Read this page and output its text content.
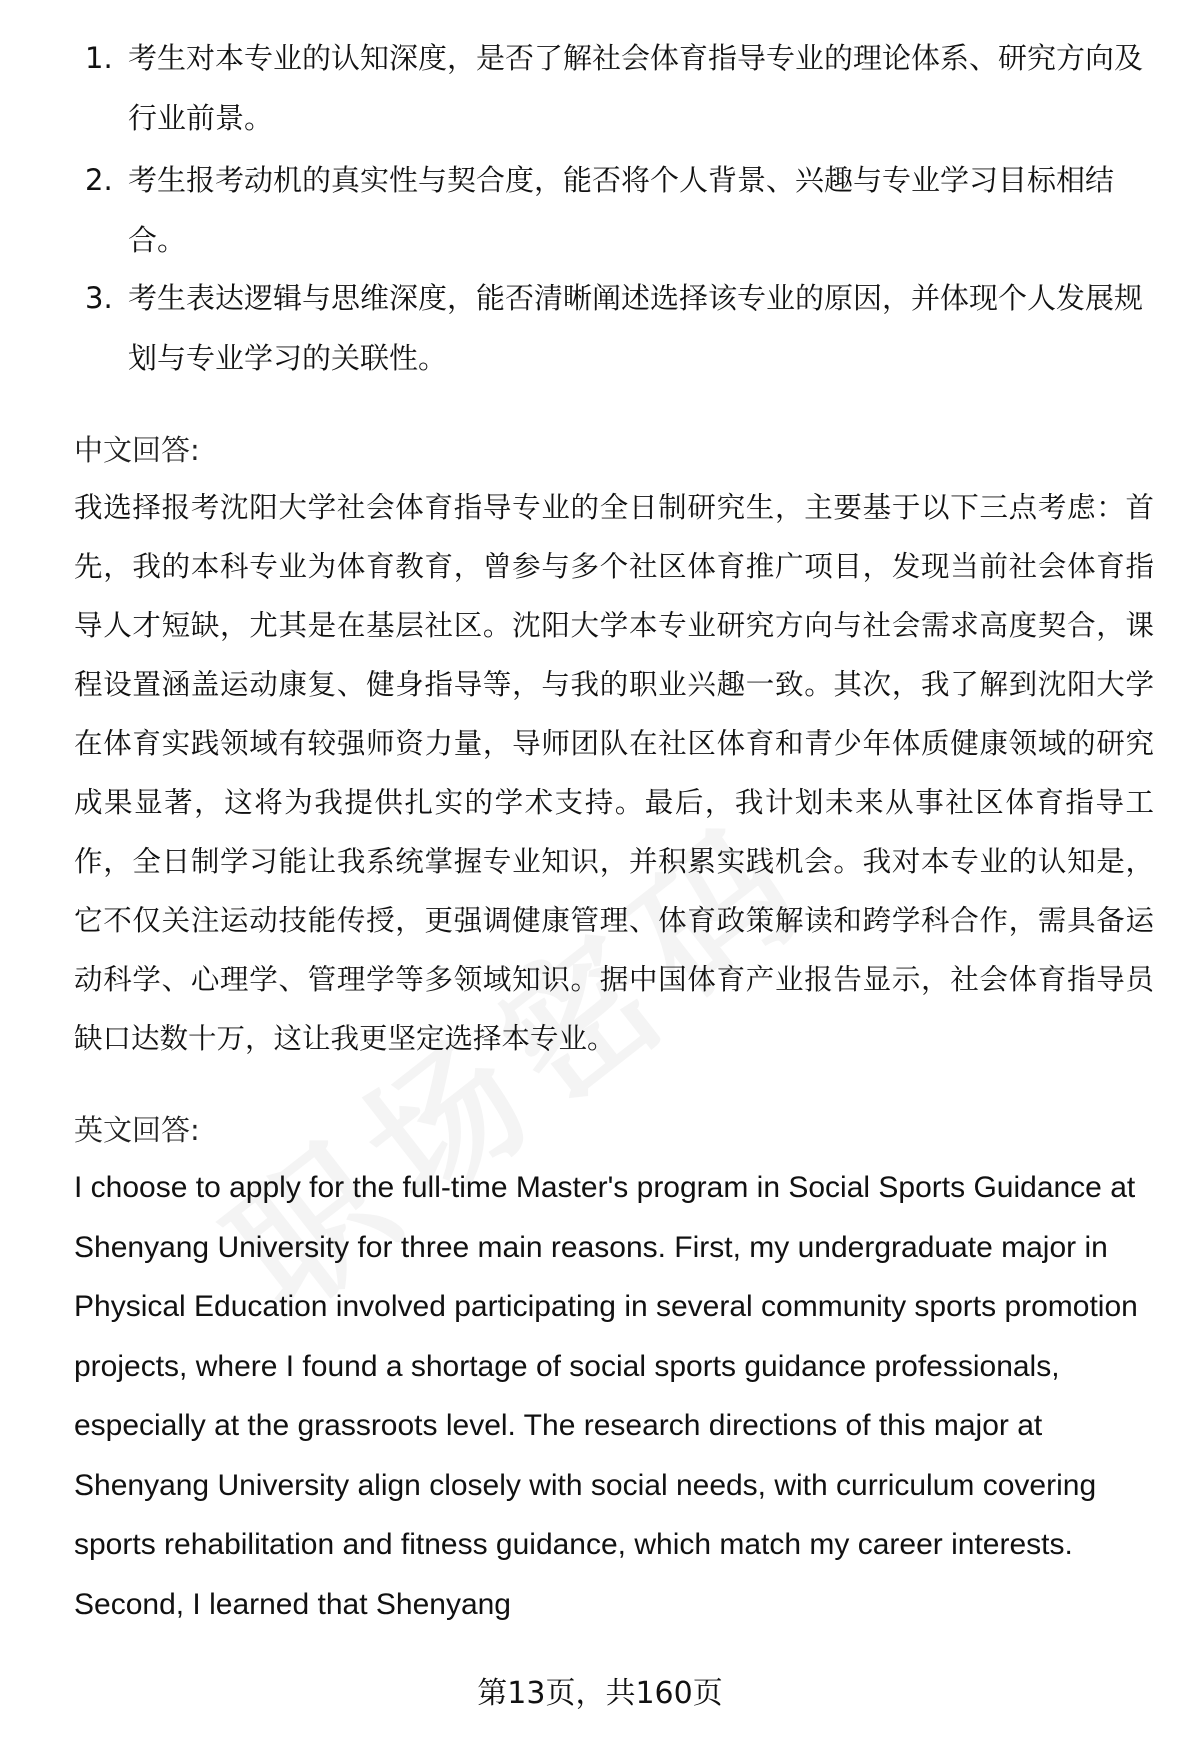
1. 考生对本专业的认知深度，是否了解社会体育指导专业的理论体系、研究方向及行业前景。
2. 考生报考动机的真实性与契合度，能否将个人背景、兴趣与专业学习目标相结合。
3. 考生表达逻辑与思维深度，能否清晰阐述选择该专业的原因，并体现个人发展规划与专业学习的关联性。
中文回答:
我选择报考沈阳大学社会体育指导专业的全日制研究生，主要基于以下三点考虑：首先，我的本科专业为体育教育，曾参与多个社区体育推广项目，发现当前社会体育指导人才短缺，尤其是在基层社区。沈阳大学本专业研究方向与社会需求高度契合，课程设置涵盖运动康复、健身指导等，与我的职业兴趣一致。其次，我了解到沈阳大学在体育实践领域有较强师资力量，导师团队在社区体育和青少年体质健康领域的研究成果显著，这将为我提供扎实的学术支持。最后，我计划未来从事社区体育指导工作，全日制学习能让我系统掌握专业知识，并积累实践机会。我对本专业的认知是，它不仅关注运动技能传授，更强调健康管理、体育政策解读和跨学科合作，需具备运动科学、心理学、管理学等多领域知识。据中国体育产业报告显示，社会体育指导员缺口达数十万，这让我更坚定选择本专业。
英文回答:
I choose to apply for the full-time Master's program in Social Sports Guidance at Shenyang University for three main reasons. First, my undergraduate major in Physical Education involved participating in several community sports promotion projects, where I found a shortage of social sports guidance professionals, especially at the grassroots level. The research directions of this major at Shenyang University align closely with social needs, with curriculum covering sports rehabilitation and fitness guidance, which match my career interests. Second, I learned that Shenyang
第13页，共160页
